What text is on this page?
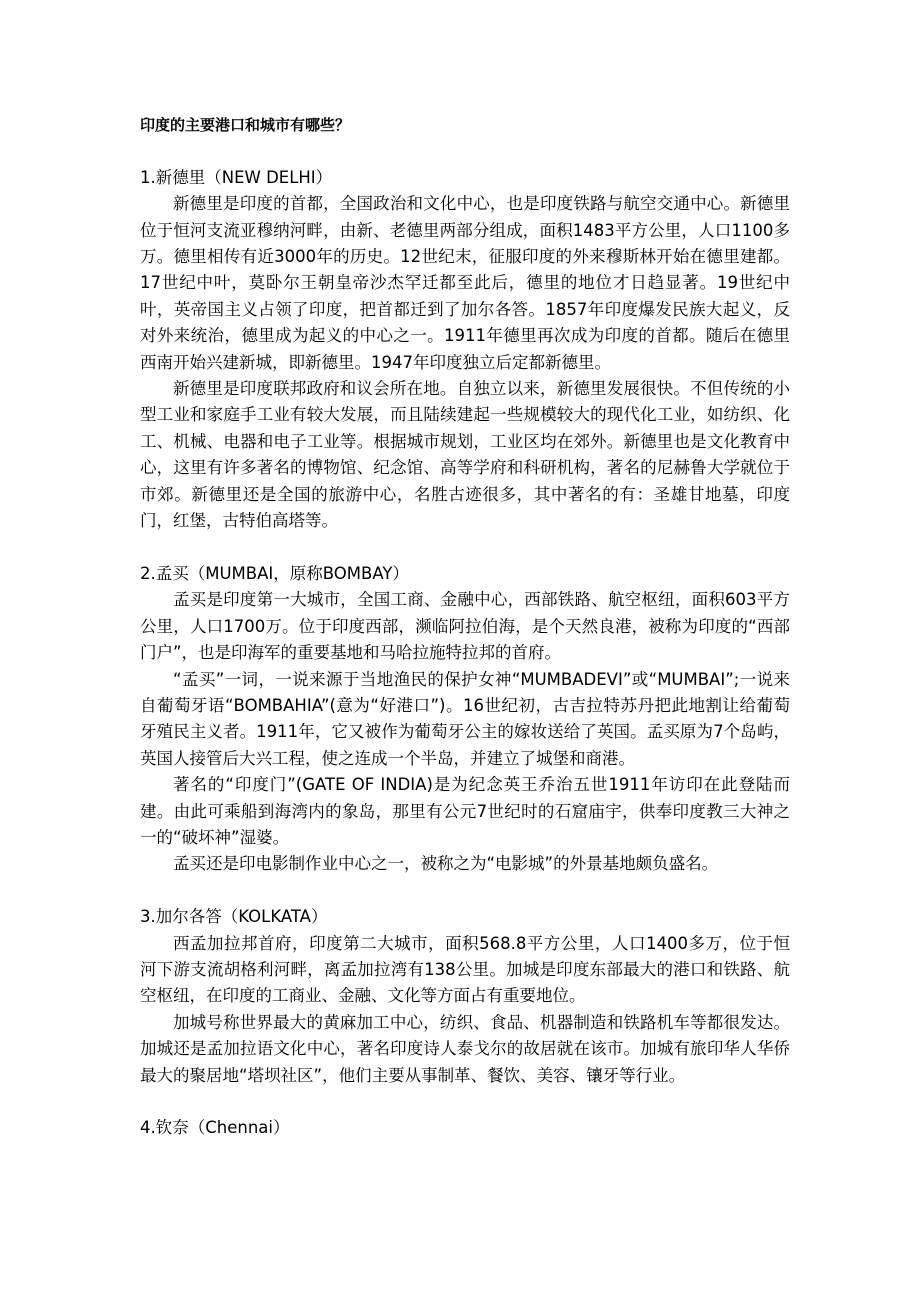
印度的主要港口和城市有哪些？

1.新德里（NEW DELHI）

新德里是印度的首都，全国政治和文化中心，也是印度铁路与航空交通中心。新德里位于恒河支流亚穆纳河畔，由新、老德里两部分组成，面积1483平方公里，人口1100多万。德里相传有近3000年的历史。12世纪末，征服印度的外来穆斯林开始在德里建都。17世纪中叶，莫卧尔王朝皇帝沙杰罕迁都至此后，德里的地位才日趋显著。19世纪中叶，英帝国主义占领了印度，把首都迁到了加尔各答。1857年印度爆发民族大起义，反对外来统治，德里成为起义的中心之一。1911年德里再次成为印度的首都。随后在德里西南开始兴建新城，即新德里。1947年印度独立后定都新德里。

新德里是印度联邦政府和议会所在地。自独立以来，新德里发展很快。不但传统的小型工业和家庭手工业有较大发展，而且陆续建起一些规模较大的现代化工业，如纺织、化工、机械、电器和电子工业等。根据城市规划，工业区均在郊外。新德里也是文化教育中心，这里有许多著名的博物馆、纪念馆、高等学府和科研机构，著名的尼赫鲁大学就位于市郊。新德里还是全国的旅游中心，名胜古迹很多，其中著名的有：圣雄甘地墓，印度门，红堡，古特伯高塔等。

2.孟买（MUMBAI，原称BOMBAY）

孟买是印度第一大城市，全国工商、金融中心，西部铁路、航空枢纽，面积603平方公里，人口1700万。位于印度西部，濒临阿拉伯海，是个天然良港，被称为印度的“西部门户”，也是印海军的重要基地和马哈拉施特拉邦的首府。

“孟买”一词，一说来源于当地渔民的保护女神“MUMBADEVI”或“MUMBAI”;一说来自葡萄牙语“BOMBAHIA”(意为“好港口”)。16世纪初，古吉拉特苏丹把此地割让给葡萄牙殖民主义者。1911年，它又被作为葡萄牙公主的嫁妆送给了英国。孟买原为7个岛屿，英国人接管后大兴工程，使之连成一个半岛，并建立了城堡和商港。

著名的“印度门”(GATE OF INDIA)是为纪念英王乔治五世1911年访印在此登陆而建。由此可乘船到海湾内的象岛，那里有公元7世纪时的石窟庙宇，供奉印度教三大神之一的“破坏神”湿婆。

孟买还是印电影制作业中心之一，被称之为“电影城”的外景基地颇负盛名。

3.加尔各答（KOLKATA）

西孟加拉邦首府，印度第二大城市，面积568.8平方公里，人口1400多万，位于恒河下游支流胡格利河畔，离孟加拉湾有138公里。加城是印度东部最大的港口和铁路、航空枢纽，在印度的工商业、金融、文化等方面占有重要地位。

加城号称世界最大的黄麻加工中心，纺织、食品、机器制造和铁路机车等都很发达。 加城还是孟加拉语文化中心，著名印度诗人泰戈尔的故居就在该市。加城有旅印华人华侨最大的聚居地“塔坝社区”，他们主要从事制革、餐饮、美容、镶牙等行业。

4.钦奈（Chennai）
